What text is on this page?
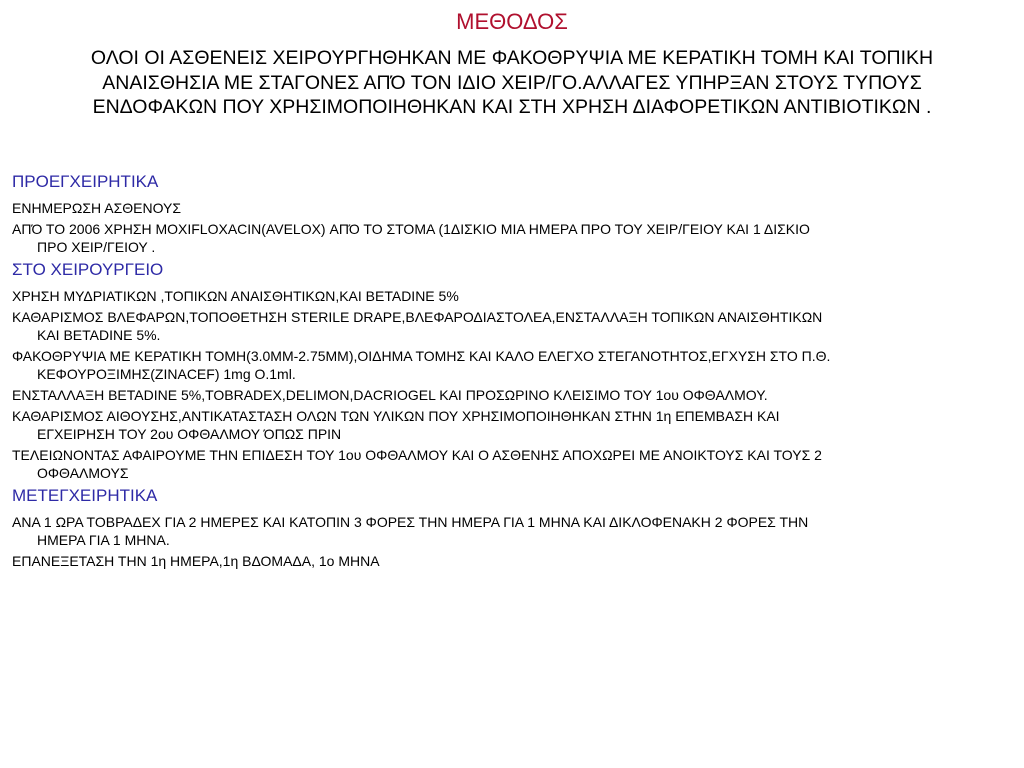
ΜΕΘΟΔΟΣ

ΟΛΟΙ ΟΙ ΑΣΘΕΝΕΙΣ ΧΕΙΡΟΥΡΓΗΘΗΚΑΝ ΜΕ ΦΑΚΟΘΡΥΨΙΑ ΜΕ ΚΕΡΑΤΙΚΗ ΤΟΜΗ ΚΑΙ ΤΟΠΙΚΗ ΑΝΑΙΣΘΗΣΙΑ ΜΕ ΣΤΑΓΟΝΕΣ ΑΠΌ ΤΟΝ ΙΔΙΟ ΧΕΙΡ/ΓΟ.ΑΛΛΑΓΕΣ ΥΠΗΡΞΑΝ ΣΤΟΥΣ ΤΥΠΟΥΣ ΕΝΔΟΦΑΚΩΝ ΠΟΥ ΧΡΗΣΙΜΟΠΟΙΗΘΗΚΑΝ ΚΑΙ ΣΤΗ ΧΡΗΣΗ ΔΙΑΦΟΡΕΤΙΚΩΝ ΑΝΤΙΒΙΟΤΙΚΩΝ .

ΠΡΟΕΓΧΕΙΡΗΤΙΚΑ

ΕΝΗΜΕΡΩΣΗ ΑΣΘΕΝΟΥΣ

ΑΠΌ ΤΟ 2006 ΧΡΗΣΗ MOXIFLOXACIN(AVELOX) ΑΠΌ ΤΟ ΣΤΟΜΑ (1ΔΙΣΚΙΟ ΜΙΑ ΗΜΕΡΑ ΠΡΟ ΤΟΥ ΧΕΙΡ/ΓΕΙΟΥ ΚΑΙ 1 ΔΙΣΚΙΟ ΠΡΟ ΧΕΙΡ/ΓΕΙΟΥ .

ΣΤΟ ΧΕΙΡΟΥΡΓΕΙΟ

ΧΡΗΣΗ ΜΥΔΡΙΑΤΙΚΩΝ ,ΤΟΠΙΚΩΝ ΑΝΑΙΣΘΗΤΙΚΩΝ,ΚΑΙ BETADINE 5%

ΚΑΘΑΡΙΣΜΟΣ ΒΛΕΦΑΡΩΝ,ΤΟΠΟΘΕΤΗΣΗ STERILE DRAPE,ΒΛΕΦΑΡΟΔΙΑΣΤΟΛΕΑ,ΕΝΣΤΑΛΛΑΞΗ ΤΟΠΙΚΩΝ ΑΝΑΙΣΘΗΤΙΚΩΝ ΚΑΙ BETADINE 5%.

ΦΑΚΟΘΡΥΨΙΑ ΜΕ ΚΕΡΑΤΙΚΗ ΤΟΜΗ(3.0ΜΜ-2.75ΜΜ),ΟΙΔΗΜΑ ΤΟΜΗΣ ΚΑΙ ΚΑΛΟ ΕΛΕΓΧΟ ΣΤΕΓΑΝΟΤΗΤΟΣ,ΕΓΧΥΣΗ ΣΤΟ Π.Θ. ΚΕΦΟΥΡΟΞΙΜΗΣ(ZINACEF) 1mg O.1ml.

ΕΝΣΤΑΛΛΑΞΗ BETADINE 5%,TOBRADEX,DELIMON,DACRIOGEL ΚΑΙ ΠΡΟΣΩΡΙΝΟ ΚΛΕΙΣΙΜΟ ΤΟΥ 1ου ΟΦΘΑΛΜΟΥ.

ΚΑΘΑΡΙΣΜΟΣ ΑΙΘΟΥΣΗΣ,ΑΝΤΙΚΑΤΑΣΤΑΣΗ ΟΛΩΝ ΤΩΝ ΥΛΙΚΩΝ ΠΟΥ ΧΡΗΣΙΜΟΠΟΙΗΘΗΚΑΝ ΣΤΗΝ 1η ΕΠΕΜΒΑΣΗ ΚΑΙ ΕΓΧΕΙΡΗΣΗ ΤΟΥ 2ου ΟΦΘΑΛΜΟΥ ΌΠΩΣ ΠΡΙΝ

ΤΕΛΕΙΩΝΟΝΤΑΣ ΑΦΑΙΡΟΥΜΕ ΤΗΝ ΕΠΙΔΕΣΗ ΤΟΥ 1ου ΟΦΘΑΛΜΟΥ ΚΑΙ Ο ΑΣΘΕΝΗΣ ΑΠΟΧΩΡΕΙ ΜΕ ΑΝΟΙΚΤΟΥΣ ΚΑΙ ΤΟΥΣ 2 ΟΦΘΑΛΜΟΥΣ

ΜΕΤΕΓΧΕΙΡΗΤΙΚΑ

ΑΝΑ 1 ΩΡΑ ΤΟΒΡΑΔΕΧ ΓΙΑ 2 ΗΜΕΡΕΣ ΚΑΙ ΚΑΤΟΠΙΝ 3 ΦΟΡΕΣ ΤΗΝ ΗΜΕΡΑ ΓΙΑ 1 ΜΗΝΑ ΚΑΙ ΔΙΚΛΟΦΕΝΑΚΗ 2 ΦΟΡΕΣ ΤΗΝ ΗΜΕΡΑ ΓΙΑ 1 ΜΗΝΑ.

ΕΠΑΝΕΞΕΤΑΣΗ ΤΗΝ 1η ΗΜΕΡΑ,1η ΒΔΟΜΑΔΑ, 1ο ΜΗΝΑ
